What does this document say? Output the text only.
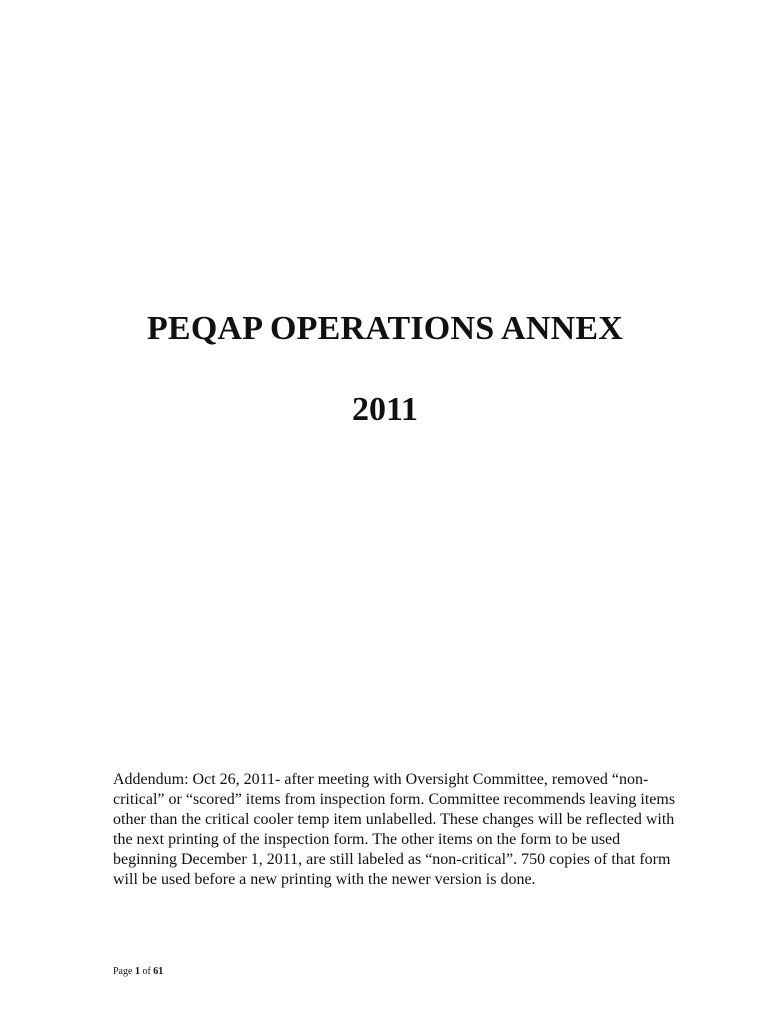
PEQAP OPERATIONS ANNEX
2011

Addendum: Oct 26, 2011- after meeting with Oversight Committee, removed “non-
critical” or “scored” items from inspection form. Committee recommends leaving items
other than the critical cooler temp item unlabelled. These changes will be reflected with
the next printing of the inspection form. The other items on the form to be used
beginning December 1, 2011, are still labeled as “non-critical”. 750 copies of that form
will be used before a new printing with the newer version is done.

Page 1 of 61
